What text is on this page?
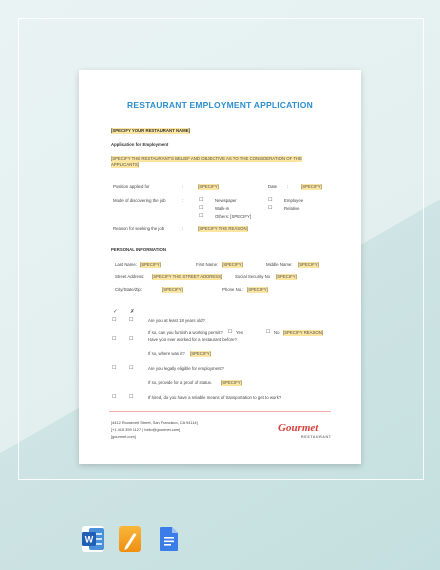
RESTAURANT EMPLOYMENT APPLICATION
[SPECIFY YOUR RESTAURANT NAME]
Application for Employment
[SPECIFY THE RESTAURANT'S BELIEF AND OBJECTIVE AS TO THE CONSIDERATION OF THE
APPLICANTS]
Position applied for	:	[SPECIFY]	Date :	[SPECIFY]
Mode of discovering the job	:	☐	Newspaper
☐	Walk-in
☐	Others: [SPECIFY]
☐	Employee
☐	Relative
Reason for seeking the job	:	[SPECIFY THE REASON]
PERSONAL INFORMATION
Last Name: [SPECIFY]	First Name: [SPECIFY]	Middle Name: [SPECIFY]
Street Address: [SPECIFY THE STREET ADDRESS]	Social Security No [SPECIFY]
City/State/Zip:	[SPECIFY]	Phone No.: [SPECIFY]
✓ ✗
☐	☐	Are you at least 18 years old?
If so, can you furnish a working permit? ☐ Yes	☐ No [SPECIFY REASON]
☐	☐	Have you ever worked for a restaurant before?
If so, where was it? [SPECIFY]
☐	☐	Are you legally eligible for employment?
If so, provide for a proof of status. [SPECIFY]
☐	☐	If hired, do you have a reliable means of transportation to get to work?
[4412 Roosevelt Street, San Francisco, CA 94114]
[+1 415 359 1127 | hello@gourmet.com]
[gourmet.com]
Gourmet
RESTAURANT
W
